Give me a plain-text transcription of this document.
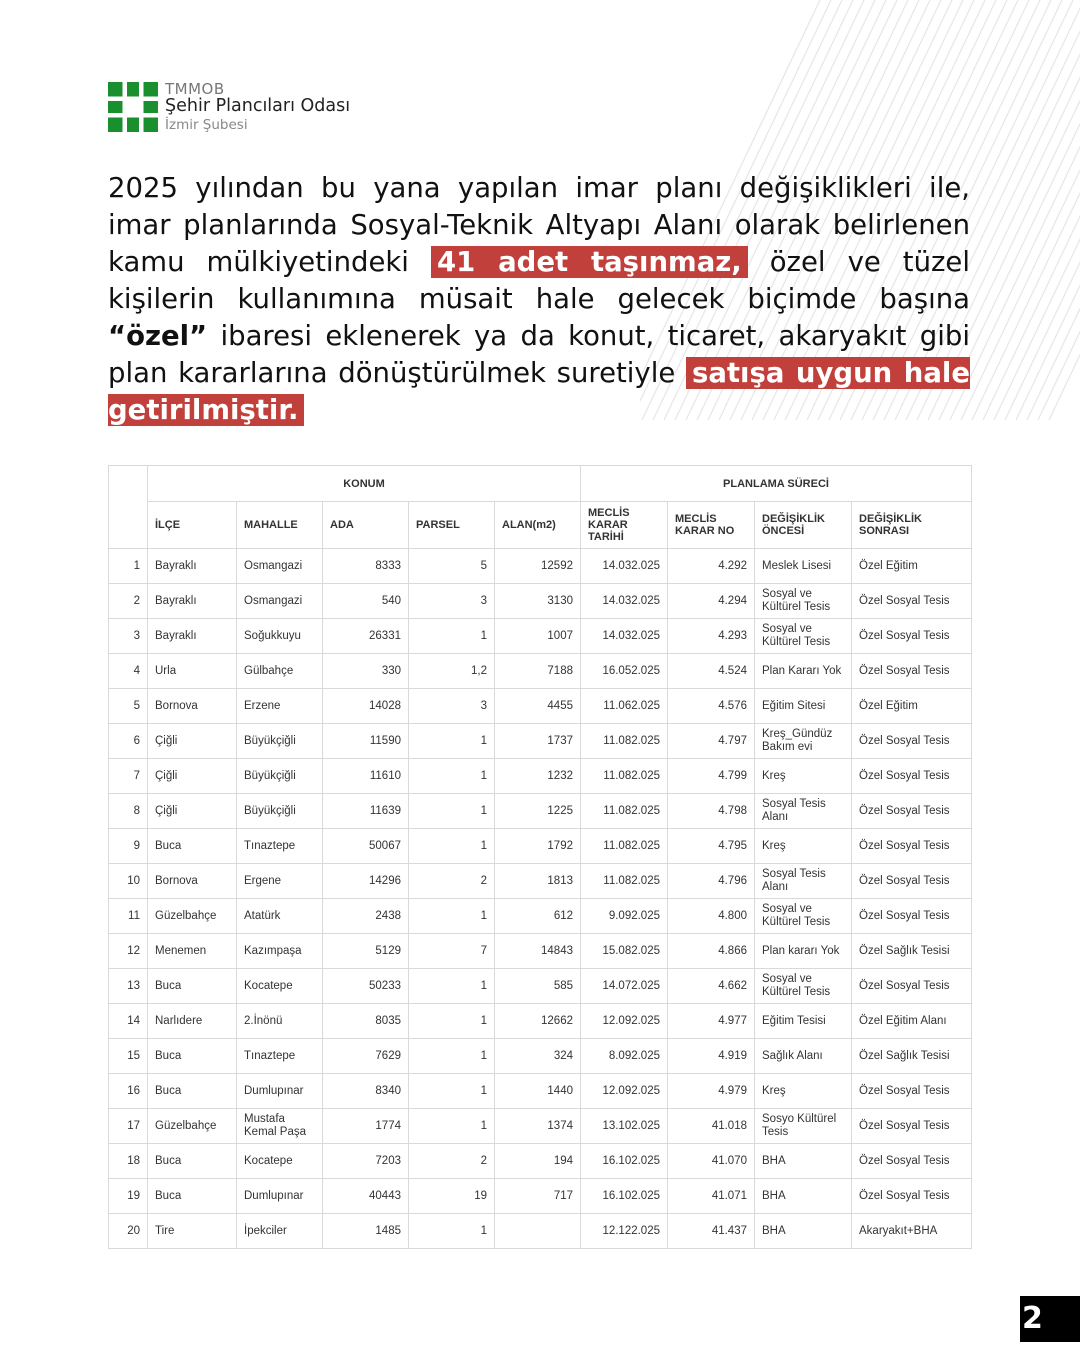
TMMOB
Şehir Plancıları Odası
İzmir Şubesi
2025 yılından bu yana yapılan imar planı değişiklikleri ile, imar planlarında Sosyal-Teknik Altyapı Alanı olarak belirlenen kamu mülkiyetindeki 41 adet taşınmaz, özel ve tüzel kişilerin kullanımına müsait hale gelecek biçimde başına “özel” ibaresi eklenerek ya da konut, ticaret, akaryakıt gibi plan kararlarına dönüştürülmek suretiyle satışa uygun hale getirilmiştir.
	KONUM					PLANLAMA SÜRECİ			
	İLÇE	MAHALLE	ADA	PARSEL	ALAN(m2)	MECLİS KARAR TARİHİ	MECLİS KARAR NO	DEĞİŞİKLİK ÖNCESİ	DEĞİŞİKLİK SONRASI
1	Bayraklı	Osmangazi	8333	5	12592	14.032.025	4.292	Meslek Lisesi	Özel Eğitim
2	Bayraklı	Osmangazi	540	3	3130	14.032.025	4.294	Sosyal ve Kültürel Tesis	Özel Sosyal Tesis
3	Bayraklı	Soğukkuyu	26331	1	1007	14.032.025	4.293	Sosyal ve Kültürel Tesis	Özel Sosyal Tesis
4	Urla	Gülbahçe	330	1,2	7188	16.052.025	4.524	Plan Kararı Yok	Özel Sosyal Tesis
5	Bornova	Erzene	14028	3	4455	11.062.025	4.576	Eğitim Sitesi	Özel Eğitim
6	Çiğli	Büyükçiğli	11590	1	1737	11.082.025	4.797	Kreş_Gündüz Bakım evi	Özel Sosyal Tesis
7	Çiğli	Büyükçiğli	11610	1	1232	11.082.025	4.799	Kreş	Özel Sosyal Tesis
8	Çiğli	Büyükçiğli	11639	1	1225	11.082.025	4.798	Sosyal Tesis Alanı	Özel Sosyal Tesis
9	Buca	Tınaztepe	50067	1	1792	11.082.025	4.795	Kreş	Özel Sosyal Tesis
10	Bornova	Ergene	14296	2	1813	11.082.025	4.796	Sosyal Tesis Alanı	Özel Sosyal Tesis
11	Güzelbahçe	Atatürk	2438	1	612	9.092.025	4.800	Sosyal ve Kültürel Tesis	Özel Sosyal Tesis
12	Menemen	Kazımpaşa	5129	7	14843	15.082.025	4.866	Plan kararı Yok	Özel Sağlık Tesisi
13	Buca	Kocatepe	50233	1	585	14.072.025	4.662	Sosyal ve Kültürel Tesis	Özel Sosyal Tesis
14	Narlıdere	2.İnönü	8035	1	12662	12.092.025	4.977	Eğitim Tesisi	Özel Eğitim Alanı
15	Buca	Tınaztepe	7629	1	324	8.092.025	4.919	Sağlık Alanı	Özel Sağlık Tesisi
16	Buca	Dumlupınar	8340	1	1440	12.092.025	4.979	Kreş	Özel Sosyal Tesis
17	Güzelbahçe	Mustafa Kemal Paşa	1774	1	1374	13.102.025	41.018	Sosyo Kültürel Tesis	Özel Sosyal Tesis
18	Buca	Kocatepe	7203	2	194	16.102.025	41.070	BHA	Özel Sosyal Tesis
19	Buca	Dumlupınar	40443	19	717	16.102.025	41.071	BHA	Özel Sosyal Tesis
20	Tire	İpekciler	1485	1		12.122.025	41.437	BHA	Akaryakıt+BHA
2
